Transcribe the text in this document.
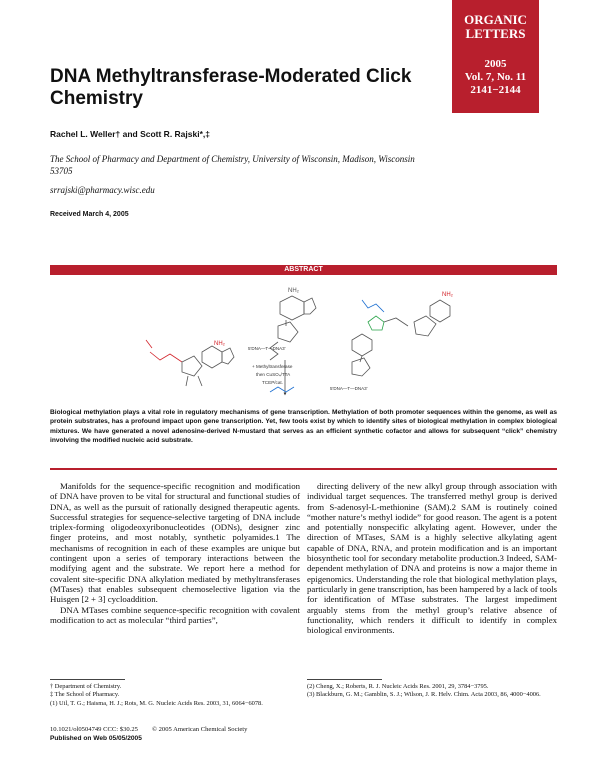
ORGANIC
LETTERS
2005
Vol. 7, No. 11
2141−2144
DNA Methyltransferase-Moderated Click Chemistry
Rachel L. Weller† and Scott R. Rajski*,‡
The School of Pharmacy and Department of Chemistry, University of Wisconsin, Madison, Wisconsin 53705
srrajski@pharmacy.wisc.edu
Received March 4, 2005
ABSTRACT
NH₂
NH₂
5'DNA—T—DNA3'
+ Methyltransferase
then CuSO₄/TTA
TCEP/cat.
NH₂
5'DNA—T—DNA3'
Biological methylation plays a vital role in regulatory mechanisms of gene transcription. Methylation of both promoter sequences within the genome, as well as protein substrates, has a profound impact upon gene transcription. Yet, few tools exist by which to identify sites of biological methylation in complex biological mixtures. We have generated a novel adenosine-derived N-mustard that serves as an efficient synthetic cofactor and allows for subsequent “click” chemistry involving the modified nucleic acid substrate.

Manifolds for the sequence-specific recognition and modification of DNA have proven to be vital for structural and functional studies of DNA, as well as the pursuit of rationally designed therapeutic agents. Successful strategies for sequence-selective targeting of DNA include triplex-forming oligodeoxyribonucleotides (ODNs), designer zinc finger proteins, and most notably, synthetic polyamides.1 The mechanisms of recognition in each of these examples are unique but contingent upon a series of temporary interactions between the modifying agent and the substrate. We report here a method for covalent site-specific DNA alkylation mediated by methyltransferases (MTases) that enables subsequent chemoselective ligation via the Huisgen [2 + 3] cycloaddition.

DNA MTases combine sequence-specific recognition with covalent modification to act as molecular “third parties”,

directing delivery of the new alkyl group through association with individual target sequences. The transferred methyl group is derived from S-adenosyl-L-methionine (SAM).2 SAM is routinely coined “mother nature’s methyl iodide” for good reason. The agent is a potent and potentially nonspecific alkylating agent. However, under the direction of MTases, SAM is a highly selective alkylating agent capable of DNA, RNA, and protein modification and is an important biosynthetic tool for secondary metabolite production.3 Indeed, SAM-dependent methylation of DNA and proteins is now a major theme in epigenomics. Understanding the role that biological methylation plays, particularly in gene transcription, has been hampered by a lack of tools for identification of MTase substrates. The largest impediment arguably stems from the methyl group’s relative absence of functionality, which renders it difficult to identify in complex biological environments.

† Department of Chemistry.
‡ The School of Pharmacy.
(1) Uil, T. G.; Haisma, H. J.; Rots, M. G. Nucleic Acids Res. 2003, 31, 6064−6078.
(2) Cheng, X.; Roberts, R. J. Nucleic Acids Res. 2001, 29, 3784−3795.
(3) Blackburn, G. M.; Gamblin, S. J.; Wilson, J. R. Helv. Chim. Acta 2003, 86, 4000−4006.
10.1021/ol0504749 CCC: $30.25 © 2005 American Chemical Society
Published on Web 05/05/2005
